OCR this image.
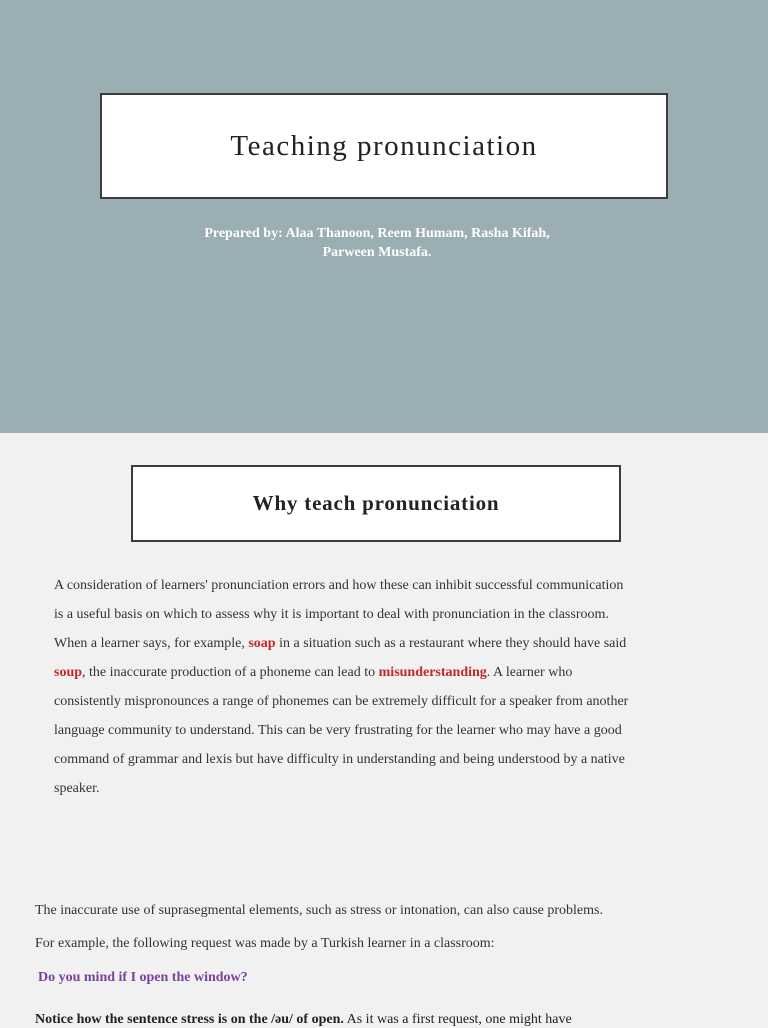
Teaching pronunciation
Prepared by: Alaa Thanoon, Reem Humam, Rasha Kifah,
Parween Mustafa.
Why teach pronunciation

A consideration of learners' pronunciation errors and how these can inhibit successful communication
is a useful basis on which to assess why it is important to deal with pronunciation in the classroom.
When a learner says, for example, soap in a situation such as a restaurant where they should have said
soup, the inaccurate production of a phoneme can lead to misunderstanding. A learner who
consistently mispronounces a range of phonemes can be extremely difficult for a speaker from another
language community to understand. This can be very frustrating for the learner who may have a good
command of grammar and lexis but have difficulty in understanding and being understood by a native
speaker.

The inaccurate use of suprasegmental elements, such as stress or intonation, can also cause problems.
For example, the following request was made by a Turkish learner in a classroom:
Do you mind if I open the window?
Notice how the sentence stress is on the /əu/ of open. As it was a first request, one might have
